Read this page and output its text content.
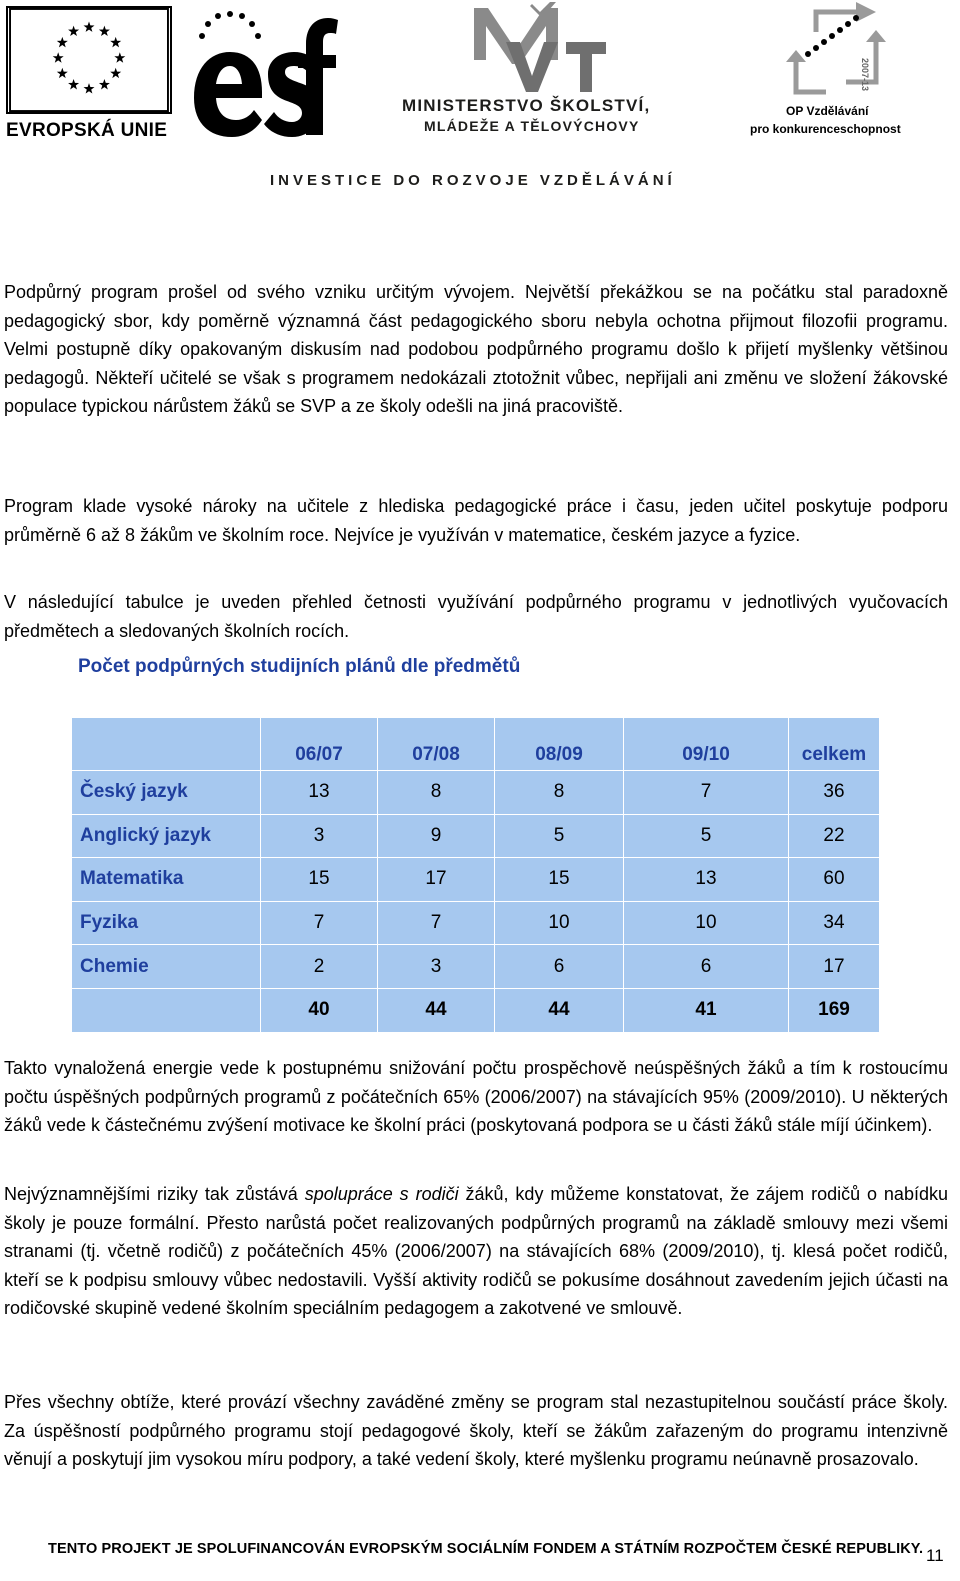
EVROPSKÁ UNIE
MINISTERSTVO ŠKOLSTVÍ,
MLÁDEŽE A TĚLOVÝCHOVY
2007-13
OP Vzdělávání
pro konkurenceschopnost
INVESTICE DO ROZVOJE VZDĚLÁVÁNÍ

Podpůrný program prošel od svého vzniku určitým vývojem. Největší překážkou se na počátku stal paradoxně pedagogický sbor, kdy poměrně významná část pedagogického sboru nebyla ochotna přijmout filozofii programu. Velmi postupně díky opakovaným diskusím nad podobou podpůrného programu došlo k přijetí myšlenky většinou pedagogů. Někteří učitelé se však s programem nedokázali ztotožnit vůbec, nepřijali ani změnu ve složení žákovské populace typickou nárůstem žáků se SVP a ze školy odešli na jiná pracoviště.

Program klade vysoké nároky na učitele z hlediska pedagogické práce i času, jeden učitel poskytuje podporu průměrně 6 až 8 žákům ve školním roce. Nejvíce je využíván v matematice, českém jazyce a fyzice.

V následující tabulce je uveden přehled četnosti využívání podpůrného programu v jednotlivých vyučovacích předmětech a sledovaných školních rocích.

Počet podpůrných studijních plánů dle předmětů
	06/07	07/08	08/09	09/10	celkem
Český jazyk	13	8	8	7	36
Anglický jazyk	3	9	5	5	22
Matematika	15	17	15	13	60
Fyzika	7	7	10	10	34
Chemie	2	3	6	6	17
	40	44	44	41	169

Takto vynaložená energie vede k postupnému snižování počtu prospěchově neúspěšných žáků a tím k rostoucímu počtu úspěšných podpůrných programů z počátečních 65% (2006/2007) na stávajících 95% (2009/2010). U některých žáků vede k částečnému zvýšení motivace ke školní práci (poskytovaná podpora se u části žáků stále míjí účinkem).

Nejvýznamnějšími riziky tak zůstává spolupráce s rodiči žáků, kdy můžeme konstatovat, že zájem rodičů o nabídku školy je pouze formální. Přesto narůstá počet realizovaných podpůrných programů na základě smlouvy mezi všemi stranami (tj. včetně rodičů) z počátečních 45% (2006/2007) na stávajících 68% (2009/2010), tj. klesá počet rodičů, kteří se k podpisu smlouvy vůbec nedostavili. Vyšší aktivity rodičů se pokusíme dosáhnout zavedením jejich účasti na rodičovské skupině vedené školním speciálním pedagogem a zakotvené ve smlouvě.

Přes všechny obtíže, které provází všechny zaváděné změny se program stal nezastupitelnou součástí práce školy. Za úspěšností podpůrného programu stojí pedagogové školy, kteří se žákům zařazeným do programu intenzivně věnují a poskytují jim vysokou míru podpory, a také vedení školy, které myšlenku programu neúnavně prosazovalo.

TENTO PROJEKT JE SPOLUFINANCOVÁN EVROPSKÝM SOCIÁLNÍM FONDEM A STÁTNÍM ROZPOČTEM ČESKÉ REPUBLIKY. 11
